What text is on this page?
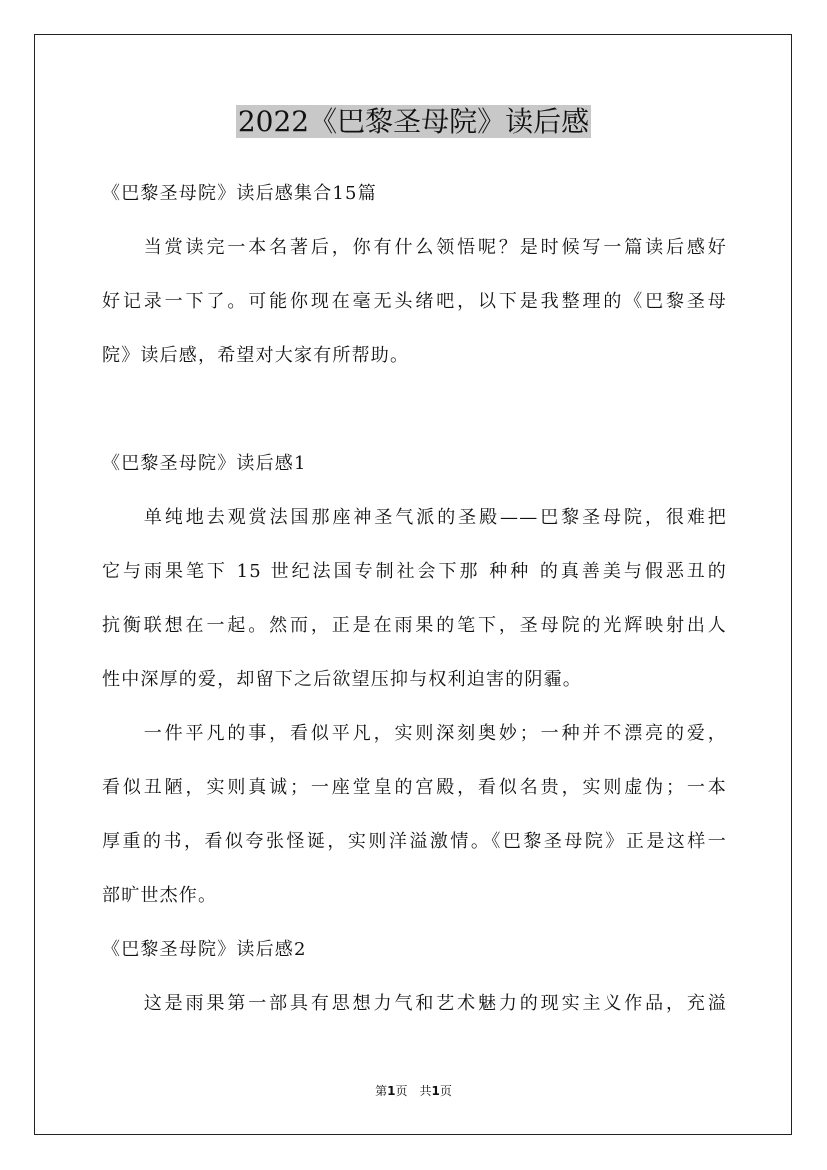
2022《巴黎圣母院》读后感
《巴黎圣母院》读后感集合15篇
　　当赏读完一本名著后，你有什么领悟呢？是时候写一篇读后感好
好记录一下了。可能你现在毫无头绪吧，以下是我整理的《巴黎圣母
院》读后感，希望对大家有所帮助。
《巴黎圣母院》读后感1
　　单纯地去观赏法国那座神圣气派的圣殿——巴黎圣母院，很难把
它与雨果笔下 15 世纪法国专制社会下那 种种 的真善美与假恶丑的
抗衡联想在一起。然而，正是在雨果的笔下，圣母院的光辉映射出人
性中深厚的爱，却留下之后欲望压抑与权利迫害的阴霾。
　　一件平凡的事，看似平凡，实则深刻奥妙；一种并不漂亮的爱，
看似丑陋，实则真诚；一座堂皇的宫殿，看似名贵，实则虚伪；一本
厚重的书，看似夸张怪诞，实则洋溢激情。《巴黎圣母院》正是这样一
部旷世杰作。
《巴黎圣母院》读后感2
　　这是雨果第一部具有思想力气和艺术魅力的现实主义作品，充溢
第1页　共1页
